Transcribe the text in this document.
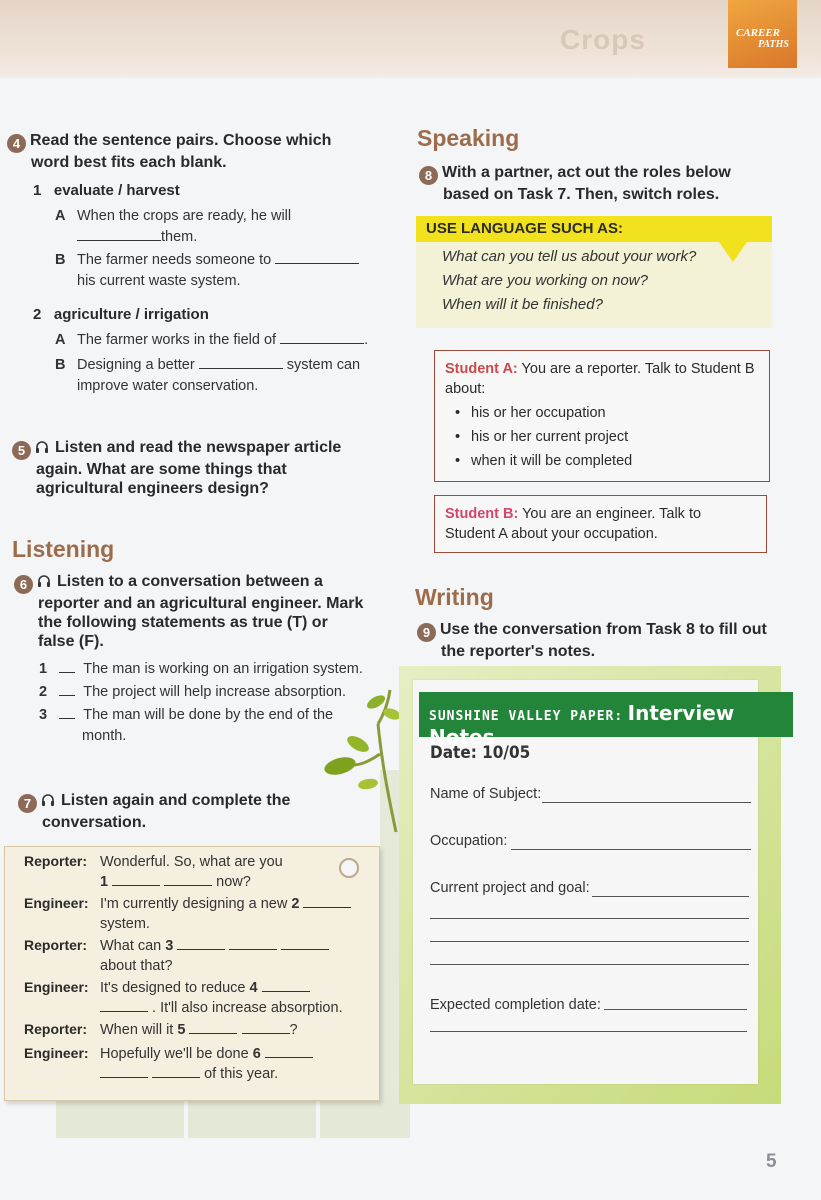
Crops	CAREER
PATHS
4 Read the sentence pairs. Choose which
word best fits each blank.
1 evaluate / harvest
A When the crops are ready, he will
them.
B The farmer needs someone to
his current waste system.
2 agriculture / irrigation
A The farmer works in the field of	.
B Designing a better	system can
improve water conservation.
5 Listen and read the newspaper article
again. What are some things that
agricultural engineers design?
Listening
6 Listen to a conversation between a
reporter and an agricultural engineer. Mark
the following statements as true (T) or
false (F).
1 The man is working on an irrigation system.
2 The project will help increase absorption.
3 The man will be done by the end of the
month.
7 Listen again and complete the
conversation.
Reporter: Wonderful. So, what are you
1	now?
Engineer: I'm currently designing a new 2
system.
Reporter: What can 3
about that?
Engineer: It's designed to reduce 4
. It'll also increase absorption.
Reporter: When will it 5	?
Engineer: Hopefully we'll be done 6
of this year.
Speaking
8 With a partner, act out the roles below
based on Task 7. Then, switch roles.
USE LANGUAGE SUCH AS:
What can you tell us about your work?
What are you working on now?
When will it be finished?
Student A: You are a reporter. Talk to Student B
about:
• his or her occupation
• his or her current project
• when it will be completed
Student B: You are an engineer. Talk to
Student A about your occupation.
Writing
9 Use the conversation from Task 8 to fill out
the reporter's notes.
SUNSHINE VALLEY PAPER: Interview Notes
Date: 10/05
Name of Subject:
Occupation:
Current project and goal:
Expected completion date:
5
